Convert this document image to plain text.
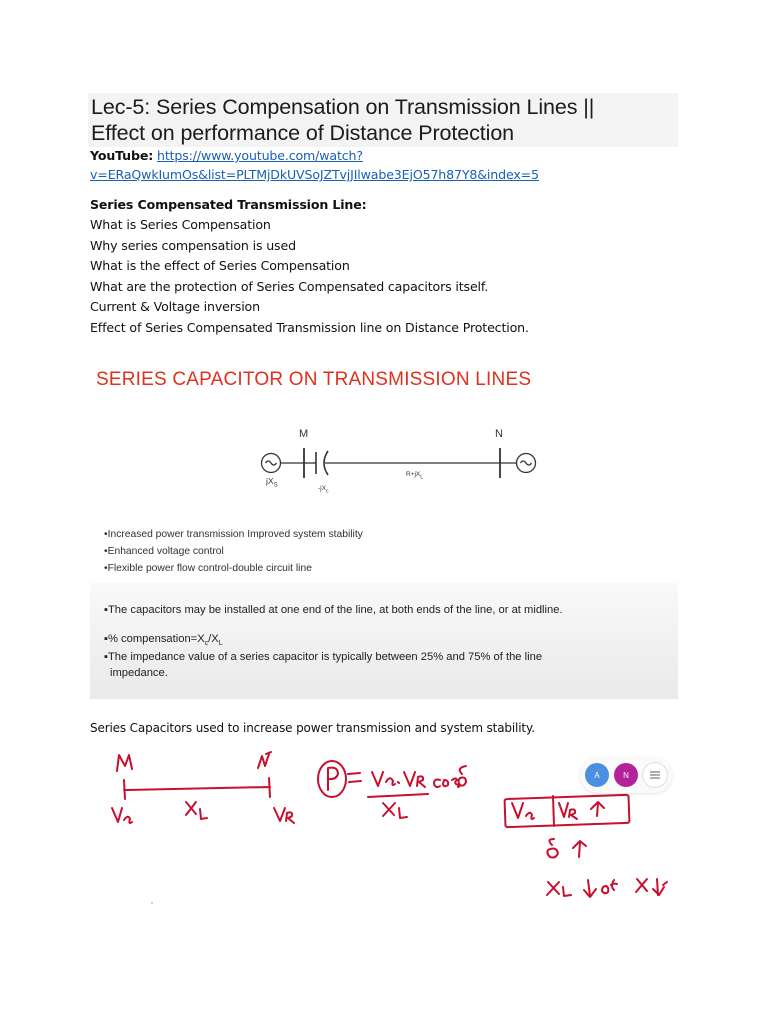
Lec-5: Series Compensation on Transmission Lines ||
Effect on performance of Distance Protection
YouTube: https://www.youtube.com/watch?
v=ERaQwkIumOs&list=PLTMjDkUVSoJZTvjJIlwabe3EjO57h87Y8&index=5
Series Compensated Transmission Line:
What is Series Compensation
Why series compensation is used
What is the effect of Series Compensation
What are the protection of Series Compensated capacitors itself.
Current & Voltage inversion
Effect of Series Compensated Transmission line on Distance Protection.
SERIES CAPACITOR ON TRANSMISSION LINES
M	N
$jX_S$	$-jX_c$
$R+jX_L$
•Increased power transmission Improved system stability
•Enhanced voltage control
•Flexible power flow control-double circuit line
▪The capacitors may be installed at one end of the line, at both ends of the line, or at midline.
▪% $compensation=X_c/X_L$
▪The impedance value of a series capacitor is typically between 25% and 75% of the line
impedance.
Series Capacitors used to increase power transmission and system stability.
A	N
